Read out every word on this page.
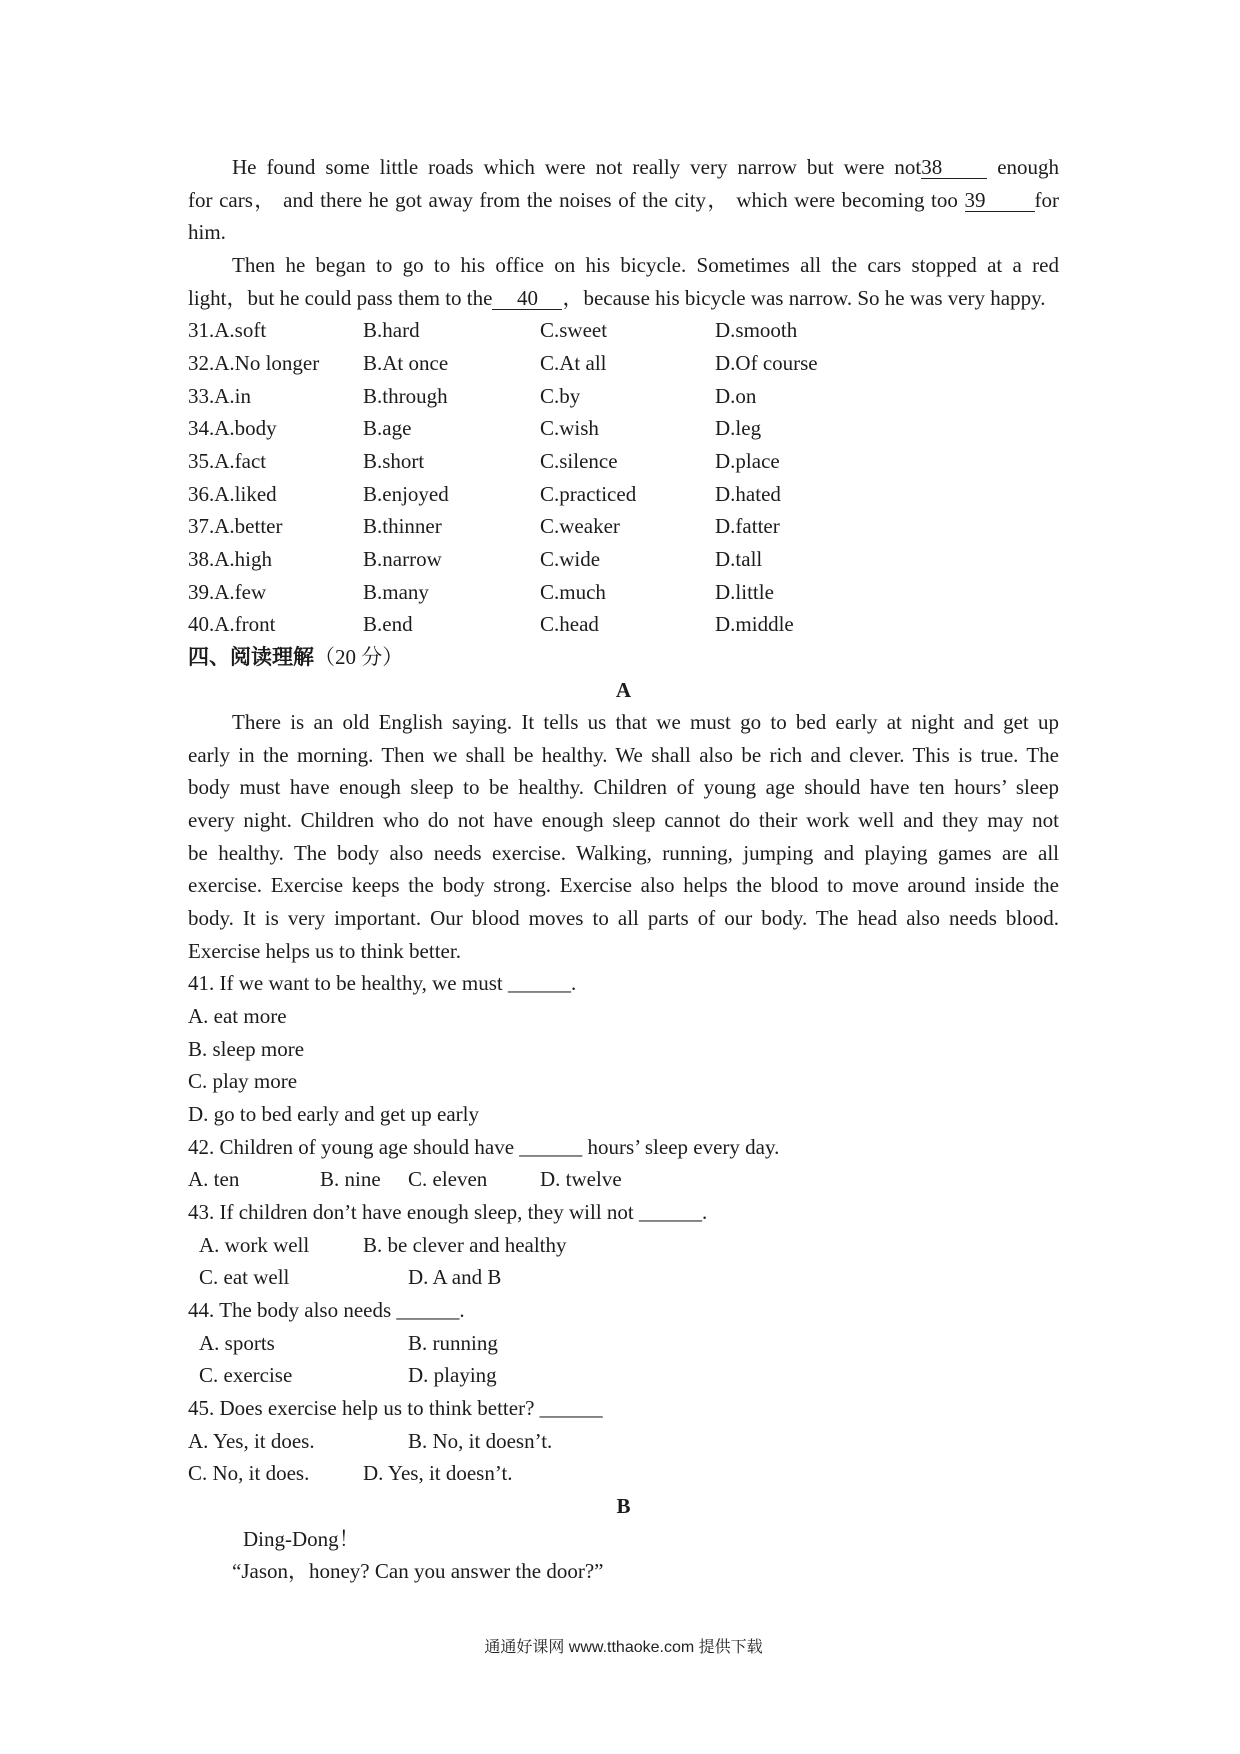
He found some little roads which were not really very narrow but were not38	enough
for cars， and there he got away from the noises of the city， which were becoming too 39 for
him.
Then he began to go to his office on his bicycle. Sometimes all the cars stopped at a red
light，but he could pass them to the 40 ，because his bicycle was narrow. So he was very happy.
31.A.soft	B.hard	C.sweet	D.smooth
32.A.No longer B.At once	C.At all	D.Of course
33.A.in	B.through	C.by	D.on
34.A.body	B.age	C.wish	D.leg
35.A.fact	B.short	C.silence	D.place
36.A.liked	B.enjoyed	C.practiced	D.hated
37.A.better	B.thinner	C.weaker	D.fatter
38.A.high	B.narrow	C.wide	D.tall
39.A.few	B.many	C.much	D.little
40.A.front	B.end	C.head	D.middle
四、阅读理解（20 分）
A
There is an old English saying. It tells us that we must go to bed early at night and get up
early in the morning. Then we shall be healthy. We shall also be rich and clever. This is true. The
body must have enough sleep to be healthy. Children of young age should have ten hours’ sleep
every night. Children who do not have enough sleep cannot do their work well and they may not
be healthy. The body also needs exercise. Walking, running, jumping and playing games are all
exercise. Exercise keeps the body strong. Exercise also helps the blood to move around inside the
body. It is very important. Our blood moves to all parts of our body. The head also needs blood.
Exercise helps us to think better.
41. If we want to be healthy, we must ______.
A. eat more
B. sleep more
C. play more
D. go to bed early and get up early
42. Children of young age should have ______ hours’ sleep every day.
A. ten	B. nine C. eleven	D. twelve
43. If children don’t have enough sleep, they will not ______.
A. work well	B. be clever and healthy
C. eat well	D. A and B
44. The body also needs ______.
A. sports	B. running
C. exercise	D. playing
45. Does exercise help us to think better? ______
A. Yes, it does.	B. No, it doesn’t.
C. No, it does.	D. Yes, it doesn’t.
B
Ding-Dong！
“Jason，honey? Can you answer the door?”
通通好课网 www.tthaoke.com 提供下载
